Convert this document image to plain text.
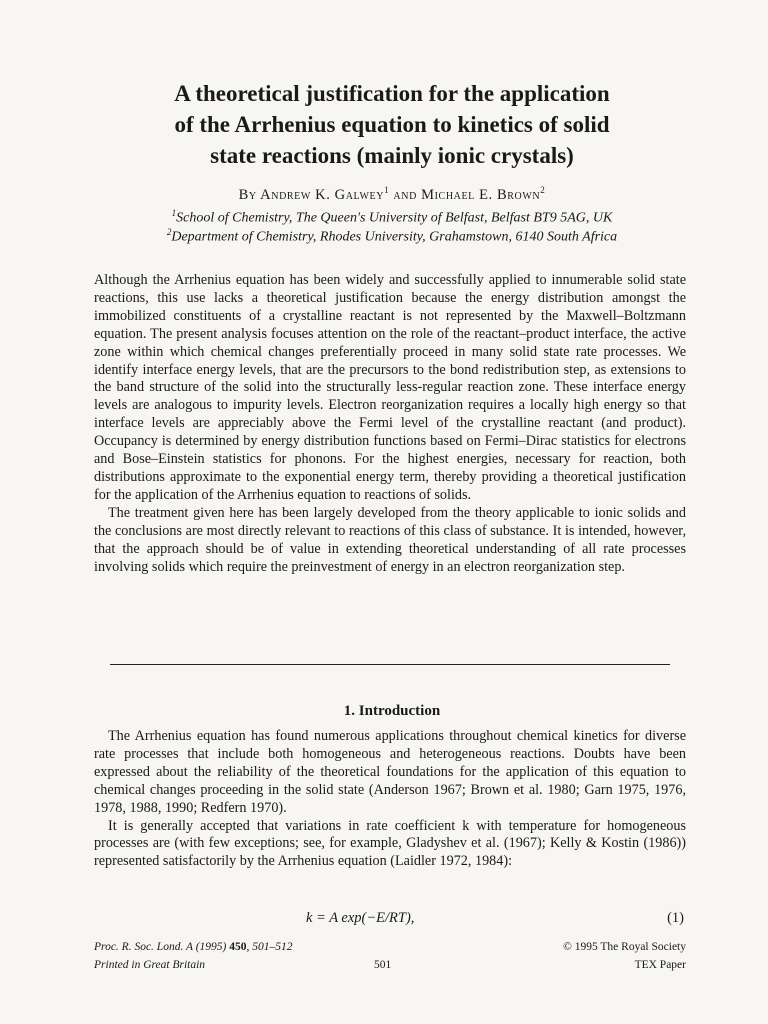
A theoretical justification for the application
of the Arrhenius equation to kinetics of solid
state reactions (mainly ionic crystals)
By Andrew K. Galwey$^1$ and Michael E. Brown$^2$
$^1$School of Chemistry, The Queen's University of Belfast, Belfast BT9 5AG, UK
$^2$Department of Chemistry, Rhodes University, Grahamstown, 6140 South Africa

Although the Arrhenius equation has been widely and successfully applied to innumerable solid state reactions, this use lacks a theoretical justification because the energy distribution amongst the immobilized constituents of a crystalline reactant is not represented by the Maxwell–Boltzmann equation. The present analysis focuses attention on the role of the reactant–product interface, the active zone within which chemical changes preferentially proceed in many solid state rate processes. We identify interface energy levels, that are the precursors to the bond redistribution step, as extensions to the band structure of the solid into the structurally less-regular reaction zone. These interface energy levels are analogous to impurity levels. Electron reorganization requires a locally high energy so that interface levels are appreciably above the Fermi level of the crystalline reactant (and product). Occupancy is determined by energy distribution functions based on Fermi–Dirac statistics for electrons and Bose–Einstein statistics for phonons. For the highest energies, necessary for reaction, both distributions approximate to the exponential energy term, thereby providing a theoretical justification for the application of the Arrhenius equation to reactions of solids.

The treatment given here has been largely developed from the theory applicable to ionic solids and the conclusions are most directly relevant to reactions of this class of substance. It is intended, however, that the approach should be of value in extending theoretical understanding of all rate processes involving solids which require the preinvestment of energy in an electron reorganization step.

1. Introduction

The Arrhenius equation has found numerous applications throughout chemical kinetics for diverse rate processes that include both homogeneous and heterogeneous reactions. Doubts have been expressed about the reliability of the theoretical foundations for the application of this equation to chemical changes proceeding in the solid state (Anderson 1967; Brown et al. 1980; Garn 1975, 1976, 1978, 1988, 1990; Redfern 1970).

It is generally accepted that variations in rate coefficient k with temperature for homogeneous processes are (with few exceptions; see, for example, Gladyshev et al. (1967); Kelly & Kostin (1986)) represented satisfactorily by the Arrhenius equation (Laidler 1972, 1984):

k = A exp(−E/RT),	(1)
Proc. R. Soc. Lond. A (1995) 450, 501–512	© 1995 The Royal Society
Printed in Great Britain	501	TEX Paper
